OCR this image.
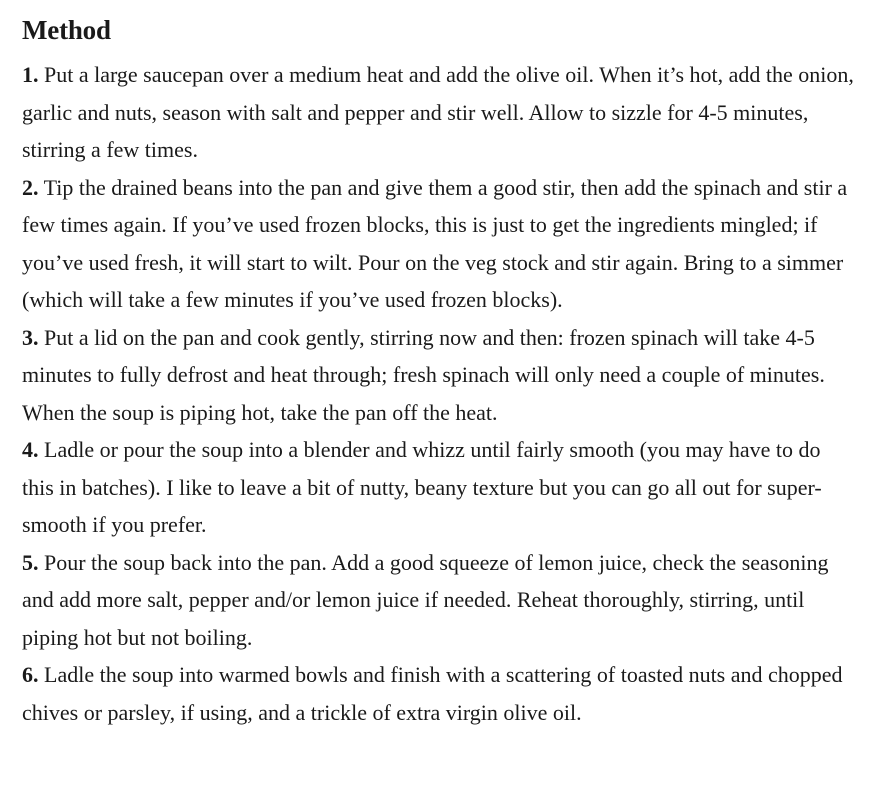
Method
1. Put a large saucepan over a medium heat and add the olive oil. When it’s hot, add the onion, garlic and nuts, season with salt and pepper and stir well. Allow to sizzle for 4-5 minutes, stirring a few times.
2. Tip the drained beans into the pan and give them a good stir, then add the spinach and stir a few times again. If you’ve used frozen blocks, this is just to get the ingredients mingled; if you’ve used fresh, it will start to wilt. Pour on the veg stock and stir again. Bring to a simmer (which will take a few minutes if you’ve used frozen blocks).
3. Put a lid on the pan and cook gently, stirring now and then: frozen spinach will take 4-5 minutes to fully defrost and heat through; fresh spinach will only need a couple of minutes. When the soup is piping hot, take the pan off the heat.
4. Ladle or pour the soup into a blender and whizz until fairly smooth (you may have to do this in batches). I like to leave a bit of nutty, beany texture but you can go all out for super-smooth if you prefer.
5. Pour the soup back into the pan. Add a good squeeze of lemon juice, check the seasoning and add more salt, pepper and/or lemon juice if needed. Reheat thoroughly, stirring, until piping hot but not boiling.
6. Ladle the soup into warmed bowls and finish with a scattering of toasted nuts and chopped chives or parsley, if using, and a trickle of extra virgin olive oil.
